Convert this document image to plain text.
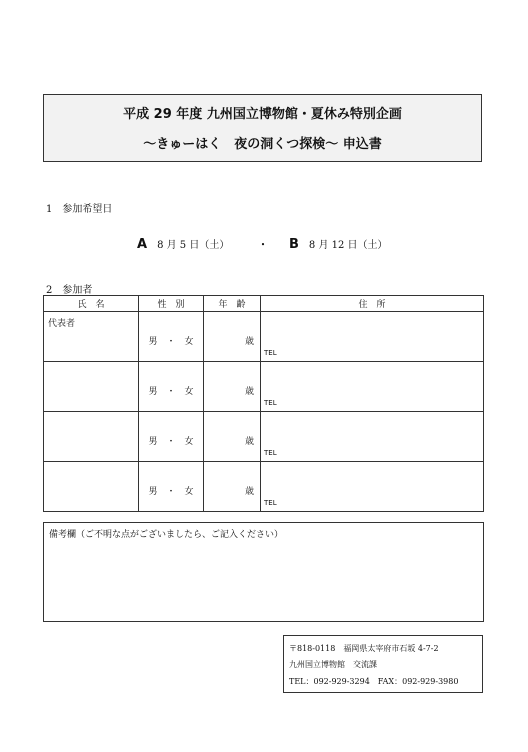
平成 29 年度 九州国立博物館・夏休み特別企画
～きゅーはく　夜の洞くつ探検～ 申込書
1　参加希望日
A 8 月 5 日（土）	・ B 8 月 12 日（土）
2　参加者
氏　名	性　別	年　齢	住　所

代表者	男　・　女	歳	TEL

	男　・　女	歳	TEL

	男　・　女	歳	TEL

	男　・　女	歳	TEL
備考欄（ご不明な点がございましたら、ご記入ください）
〒818-0118　福岡県太宰府市石坂 4-7-2
九州国立博物館　交流課
TEL：092-929-3294　FAX：092-929-3980
